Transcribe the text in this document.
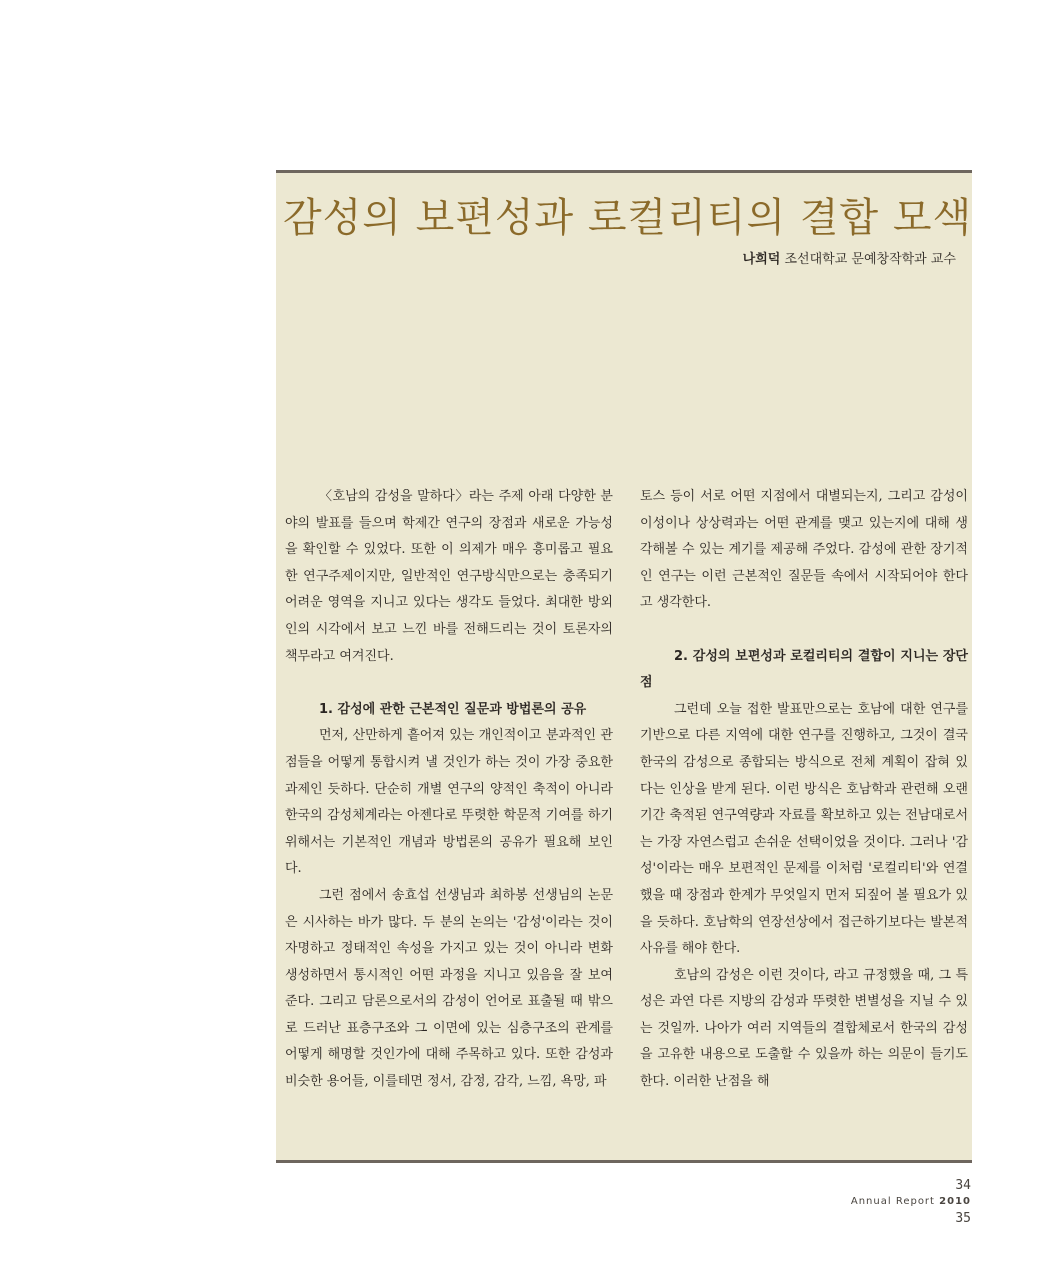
감성의 보편성과 로컬리티의 결합 모색
나희덕 조선대학교 문예창작학과 교수

〈호남의 감성을 말하다〉라는 주제 아래 다양한 분야의 발표를 들으며 학제간 연구의 장점과 새로운 가능성을 확인할 수 있었다. 또한 이 의제가 매우 흥미롭고 필요한 연구주제이지만, 일반적인 연구방식만으로는 충족되기 어려운 영역을 지니고 있다는 생각도 들었다. 최대한 방외인의 시각에서 보고 느낀 바를 전해드리는 것이 토론자의 책무라고 여겨진다.

1. 감성에 관한 근본적인 질문과 방법론의 공유

먼저, 산만하게 흩어져 있는 개인적이고 분과적인 관점들을 어떻게 통합시켜 낼 것인가 하는 것이 가장 중요한 과제인 듯하다. 단순히 개별 연구의 양적인 축적이 아니라 한국의 감성체계라는 아젠다로 뚜렷한 학문적 기여를 하기 위해서는 기본적인 개념과 방법론의 공유가 필요해 보인다.

그런 점에서 송효섭 선생님과 최하봉 선생님의 논문은 시사하는 바가 많다. 두 분의 논의는 '감성'이라는 것이 자명하고 정태적인 속성을 가지고 있는 것이 아니라 변화 생성하면서 통시적인 어떤 과정을 지니고 있음을 잘 보여준다. 그리고 담론으로서의 감성이 언어로 표출될 때 밖으로 드러난 표층구조와 그 이면에 있는 심층구조의 관계를 어떻게 해명할 것인가에 대해 주목하고 있다. 또한 감성과 비슷한 용어들, 이를테면 정서, 감정, 감각, 느낌, 욕망, 파

토스 등이 서로 어떤 지점에서 대별되는지, 그리고 감성이 이성이나 상상력과는 어떤 관계를 맺고 있는지에 대해 생각해볼 수 있는 계기를 제공해 주었다. 감성에 관한 장기적인 연구는 이런 근본적인 질문들 속에서 시작되어야 한다고 생각한다.

2. 감성의 보편성과 로컬리티의 결합이 지니는 장단점

그런데 오늘 접한 발표만으로는 호남에 대한 연구를 기반으로 다른 지역에 대한 연구를 진행하고, 그것이 결국 한국의 감성으로 종합되는 방식으로 전체 계획이 잡혀 있다는 인상을 받게 된다. 이런 방식은 호남학과 관련해 오랜 기간 축적된 연구역량과 자료를 확보하고 있는 전남대로서는 가장 자연스럽고 손쉬운 선택이었을 것이다. 그러나 '감성'이라는 매우 보편적인 문제를 이처럼 '로컬리티'와 연결했을 때 장점과 한계가 무엇일지 먼저 되짚어 볼 필요가 있을 듯하다. 호남학의 연장선상에서 접근하기보다는 발본적 사유를 해야 한다.

호남의 감성은 이런 것이다, 라고 규정했을 때, 그 특성은 과연 다른 지방의 감성과 뚜렷한 변별성을 지닐 수 있는 것일까. 나아가 여러 지역들의 결합체로서 한국의 감성을 고유한 내용으로 도출할 수 있을까 하는 의문이 들기도 한다. 이러한 난점을 해

34
Annual Report 2010
35
